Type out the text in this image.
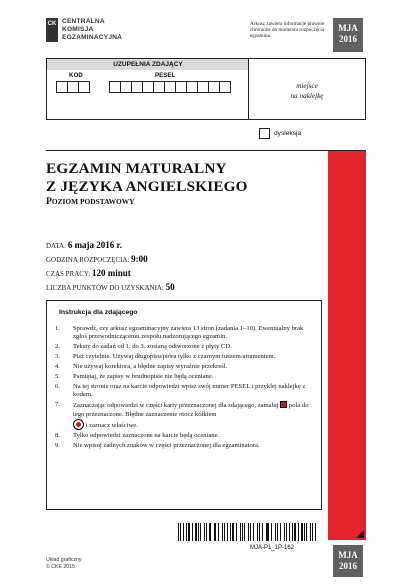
CK CENTRALNA
KOMISJA
EGZAMINACYJNA
Arkusz zawiera informacje prawnie chronione do momentu rozpoczęcia egzaminu.
MJA
2016
UZUPEŁNIA ZDAJĄCY
KOD	PESEL
miejsce
na naklejkę
dysleksja
EGZAMIN MATURALNY
Z JĘZYKA ANGIELSKIEGO
POZIOM PODSTAWOWY
DATA: 6 maja 2016 r.
GODZINA ROZPOCZĘCIA: 9:00
CZAS PRACY: 120 minut
LICZBA PUNKTÓW DO UZYSKANIA: 50
Instrukcja dla zdającego
1.	Sprawdź, czy arkusz egzaminacyjny zawiera 13 stron (zadania 1–10). Ewentualny brak zgłoś przewodniczącemu zespołu nadzorującego egzamin.
2.	Teksty do zadań od 1. do 3. zostaną odtworzone z płyty CD.
3.	Pisz czytelnie. Używaj długopisu/pióra tylko z czarnym tuszem/atramentem.
4.	Nie używaj korektora, a błędne zapisy wyraźnie przekreśl.
5.	Pamiętaj, że zapisy w brudnopisie nie będą oceniane.
6.	Na tej stronie oraz na karcie odpowiedzi wpisz swój numer PESEL i przyklej naklejkę z kodem.
7.	Zaznaczając odpowiedzi w części karty przeznaczonej dla zdającego, zamaluj pola do tego przeznaczone. Błędne zaznaczenie otocz kółkiem
i zaznacz właściwe.
8.	Tylko odpowiedzi zaznaczone na karcie będą oceniane.
9.	Nie wpisuj żadnych znaków w części przeznaczonej dla egzaminatora.
MJA-P1_1P-162
Układ graficzny
© CKE 2015
MJA
2016
